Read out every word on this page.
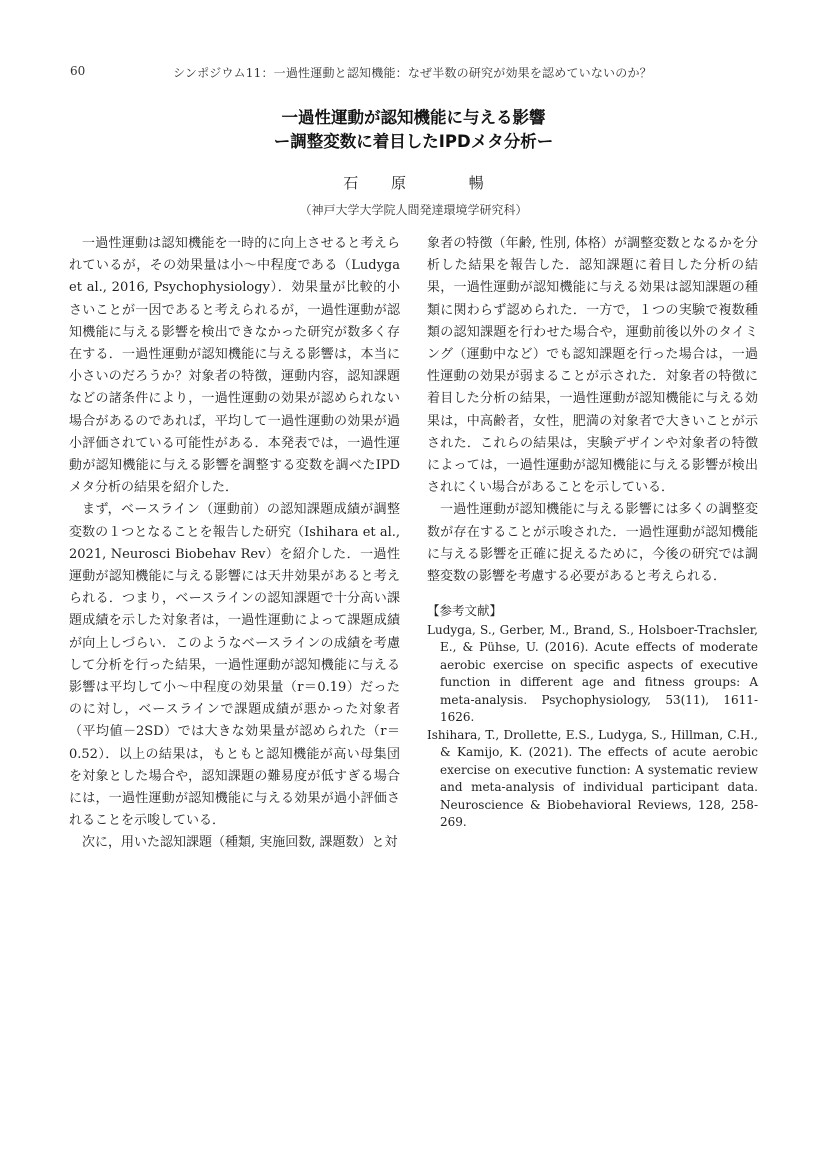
60	シンポジウム11：一過性運動と認知機能：なぜ半数の研究が効果を認めていないのか？
一過性運動が認知機能に与える影響
ー調整変数に着目したIPDメタ分析ー
石 原	暢
（神戸大学大学院人間発達環境学研究科）

一過性運動は認知機能を一時的に向上させると考えられているが，その効果量は小～中程度である（Ludyga et al., 2016, Psychophysiology）．効果量が比較的小さいことが一因であると考えられるが，一過性運動が認知機能に与える影響を検出できなかった研究が数多く存在する．一過性運動が認知機能に与える影響は，本当に小さいのだろうか？対象者の特徴，運動内容，認知課題などの諸条件により，一過性運動の効果が認められない場合があるのであれば，平均して一過性運動の効果が過小評価されている可能性がある．本発表では，一過性運動が認知機能に与える影響を調整する変数を調べたIPDメタ分析の結果を紹介した．

まず，ベースライン（運動前）の認知課題成績が調整変数の１つとなることを報告した研究（Ishihara et al., 2021, Neurosci Biobehav Rev）を紹介した．一過性運動が認知機能に与える影響には天井効果があると考えられる．つまり，ベースラインの認知課題で十分高い課題成績を示した対象者は，一過性運動によって課題成績が向上しづらい．このようなベースラインの成績を考慮して分析を行った結果，一過性運動が認知機能に与える影響は平均して小～中程度の効果量（r＝0.19）だったのに対し，ベースラインで課題成績が悪かった対象者（平均値－2SD）では大きな効果量が認められた（r＝0.52）．以上の結果は，もともと認知機能が高い母集団を対象とした場合や，認知課題の難易度が低すぎる場合には，一過性運動が認知機能に与える効果が過小評価されることを示唆している．

次に，用いた認知課題（種類, 実施回数, 課題数）と対

象者の特徴（年齢, 性別, 体格）が調整変数となるかを分析した結果を報告した．認知課題に着目した分析の結果，一過性運動が認知機能に与える効果は認知課題の種類に関わらず認められた．一方で，１つの実験で複数種類の認知課題を行わせた場合や，運動前後以外のタイミング（運動中など）でも認知課題を行った場合は，一過性運動の効果が弱まることが示された．対象者の特徴に着目した分析の結果，一過性運動が認知機能に与える効果は，中高齢者，女性，肥満の対象者で大きいことが示された．これらの結果は，実験デザインや対象者の特徴によっては，一過性運動が認知機能に与える影響が検出されにくい場合があることを示している．

一過性運動が認知機能に与える影響には多くの調整変数が存在することが示唆された．一過性運動が認知機能に与える影響を正確に捉えるために，今後の研究では調整変数の影響を考慮する必要があると考えられる．

【参考文献】

Ludyga, S., Gerber, M., Brand, S., Holsboer-Trachsler, E., & Pühse, U. (2016). Acute effects of moderate aerobic exercise on specific aspects of executive function in different age and fitness groups: A meta-analysis. Psychophysiology, 53(11), 1611-1626.

Ishihara, T., Drollette, E.S., Ludyga, S., Hillman, C.H., & Kamijo, K. (2021). The effects of acute aerobic exercise on executive function: A systematic review and meta-analysis of individual participant data. Neuroscience & Biobehavioral Reviews, 128, 258-269.
